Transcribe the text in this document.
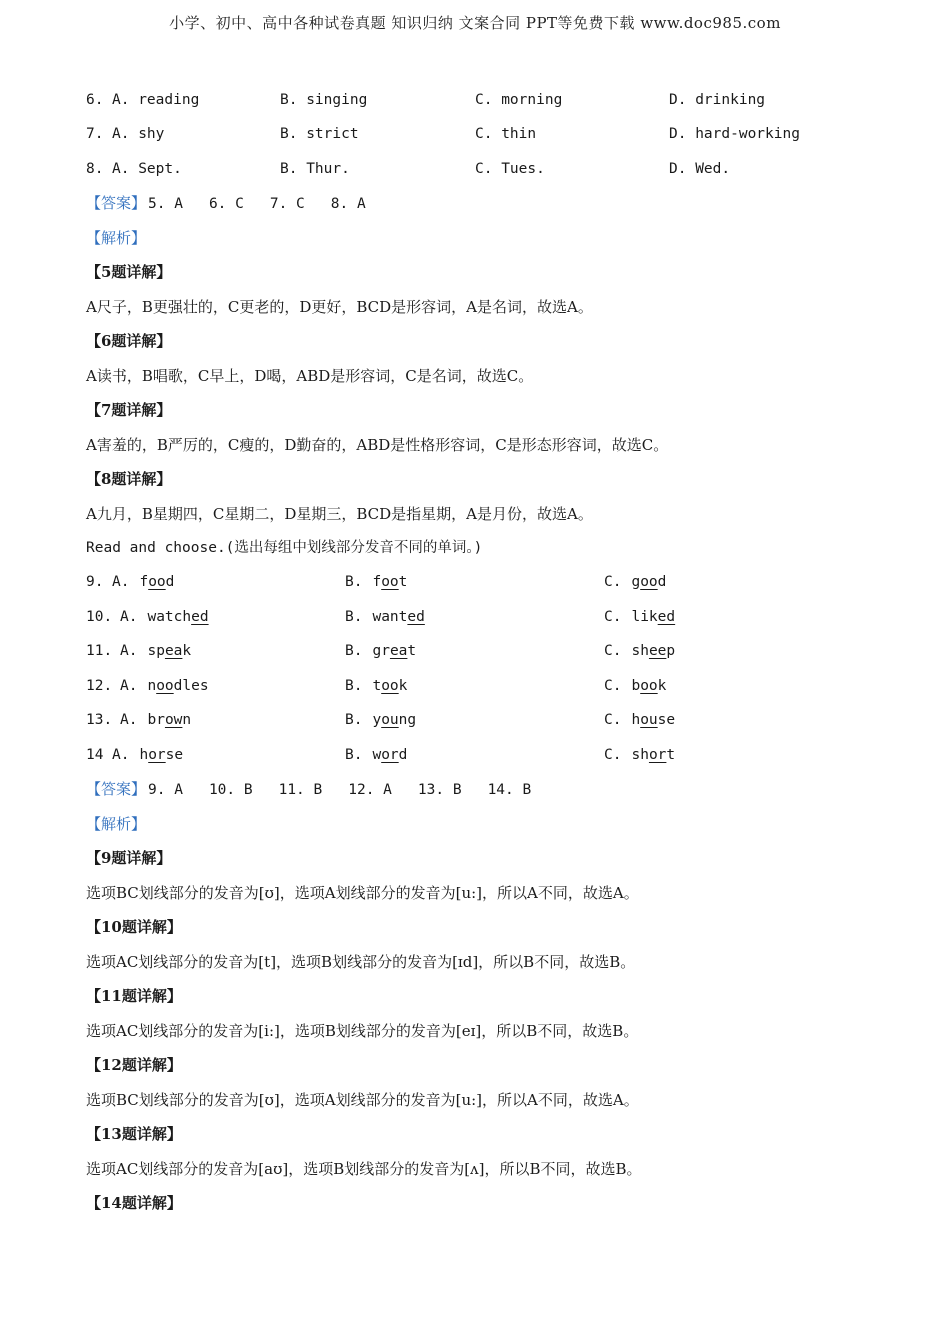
小学、初中、高中各种试卷真题 知识归纳 文案合同 PPT等免费下载 www.doc985.com
6. A. reading	B. singing	C. morning	D. drinking
7. A. shy	B. strict	C. thin	D. hard-working
8. A. Sept.	B. Thur.	C. Tues.	D. Wed.
【答案】 5. A 6. C 7. C 8. A
【解析】
【5题详解】
A尺子，B更强壮的，C更老的，D更好，BCD是形容词，A是名词，故选A。
【6题详解】
A读书，B唱歌，C早上，D喝，ABD是形容词，C是名词，故选C。
【7题详解】
A害羞的，B严厉的，C瘦的，D勤奋的，ABD是性格形容词，C是形态形容词，故选C。
【8题详解】
A九月，B星期四，C星期二，D星期三，BCD是指星期，A是月份，故选A。
Read and choose.(选出每组中划线部分发音不同的单词。)
9. A. food	B. foot	C. good
10. A. watched	B. wanted	C. liked
11. A. speak	B. great	C. sheep
12. A. noodles	B. took	C. book
13. A. brown	B. young	C. house
14 A. horse	B. word	C. short
【答案】 9. A 10. B 11. B 12. A 13. B 14. B
【解析】
【9题详解】
选项BC划线部分的发音为[ʊ]，选项A划线部分的发音为[u:]，所以A不同，故选A。
【10题详解】
选项AC划线部分的发音为[t]，选项B划线部分的发音为[ɪd]，所以B不同，故选B。
【11题详解】
选项AC划线部分的发音为[i:]，选项B划线部分的发音为[eɪ]，所以B不同，故选B。
【12题详解】
选项BC划线部分的发音为[ʊ]，选项A划线部分的发音为[u:]，所以A不同，故选A。
【13题详解】
选项AC划线部分的发音为[aʊ]，选项B划线部分的发音为[ʌ]，所以B不同，故选B。
【14题详解】
